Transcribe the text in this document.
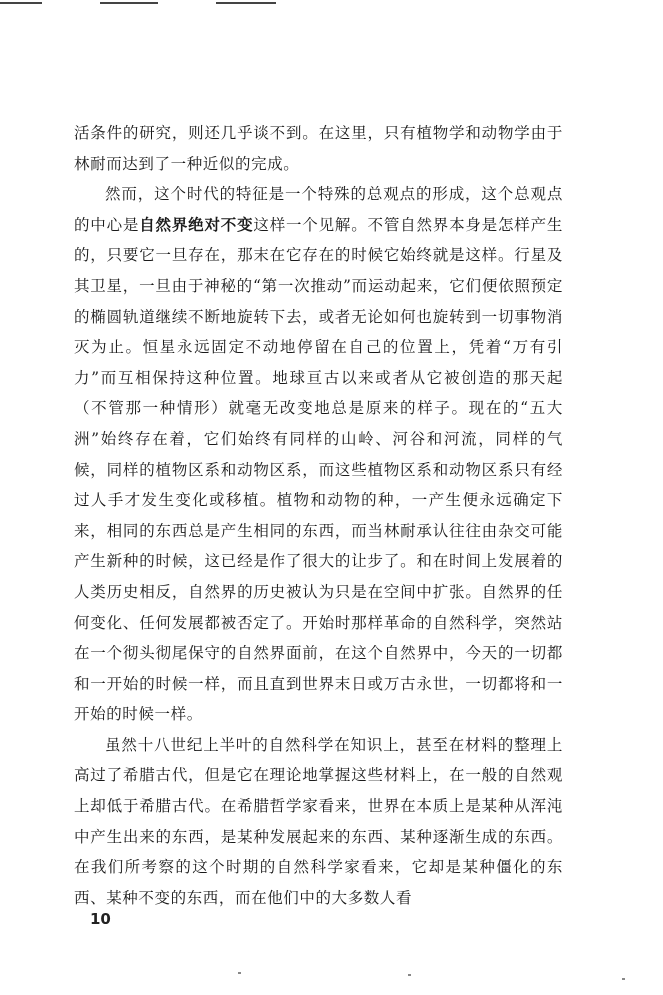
活条件的研究，则还几乎谈不到。在这里，只有植物学和动物学由于林耐而达到了一种近似的完成。

然而，这个时代的特征是一个特殊的总观点的形成，这个总观点的中心是自然界绝对不变这样一个见解。不管自然界本身是怎样产生的，只要它一旦存在，那末在它存在的时候它始终就是这样。行星及其卫星，一旦由于神秘的“第一次推动”而运动起来，它们便依照预定的椭圆轨道继续不断地旋转下去，或者无论如何也旋转到一切事物消灭为止。恒星永远固定不动地停留在自己的位置上，凭着“万有引力”而互相保持这种位置。地球亘古以来或者从它被创造的那天起（不管那一种情形）就毫无改变地总是原来的样子。现在的“五大洲”始终存在着，它们始终有同样的山岭、河谷和河流，同样的气候，同样的植物区系和动物区系，而这些植物区系和动物区系只有经过人手才发生变化或移植。植物和动物的种，一产生便永远确定下来，相同的东西总是产生相同的东西，而当林耐承认往往由杂交可能产生新种的时候，这已经是作了很大的让步了。和在时间上发展着的人类历史相反，自然界的历史被认为只是在空间中扩张。自然界的任何变化、任何发展都被否定了。开始时那样革命的自然科学，突然站在一个彻头彻尾保守的自然界面前，在这个自然界中，今天的一切都和一开始的时候一样，而且直到世界末日或万古永世，一切都将和一开始的时候一样。

虽然十八世纪上半叶的自然科学在知识上，甚至在材料的整理上高过了希腊古代，但是它在理论地掌握这些材料上，在一般的自然观上却低于希腊古代。在希腊哲学家看来，世界在本质上是某种从浑沌中产生出来的东西，是某种发展起来的东西、某种逐渐生成的东西。在我们所考察的这个时期的自然科学家看来，它却是某种僵化的东西、某种不变的东西，而在他们中的大多数人看

10
